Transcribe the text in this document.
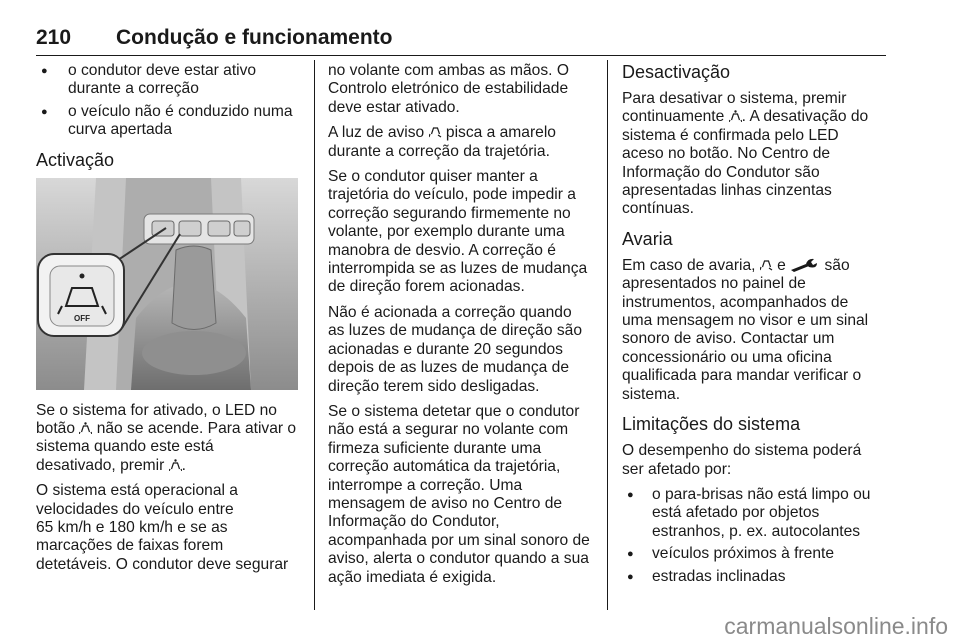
210 Condução e funcionamento
● o condutor deve estar ativo
durante a correção
● o veículo não é conduzido numa
curva apertada
Activação
OFF

Se o sistema for ativado, o LED no
botão  não se acende. Para ativar o
sistema quando este está
desativado, premir .

O sistema está operacional a
velocidades do veículo entre
65 km/h e 180 km/h e se as
marcações de faixas forem
detetáveis. O condutor deve segurar

no volante com ambas as mãos. O
Controlo eletrónico de estabilidade
deve estar ativado.

A luz de aviso  pisca a amarelo
durante a correção da trajetória.

Se o condutor quiser manter a
trajetória do veículo, pode impedir a
correção segurando firmemente no
volante, por exemplo durante uma
manobra de desvio. A correção é
interrompida se as luzes de mudança
de direção forem acionadas.

Não é acionada a correção quando
as luzes de mudança de direção são
acionadas e durante 20 segundos
depois de as luzes de mudança de
direção terem sido desligadas.

Se o sistema detetar que o condutor
não está a segurar no volante com
firmeza suficiente durante uma
correção automática da trajetória,
interrompe a correção. Uma
mensagem de aviso no Centro de
Informação do Condutor,
acompanhada por um sinal sonoro de
aviso, alerta o condutor quando a sua
ação imediata é exigida.

Desactivação

Para desativar o sistema, premir
continuamente . A desativação do
sistema é confirmada pelo LED
aceso no botão. No Centro de
Informação do Condutor são
apresentadas linhas cinzentas
contínuas.

Avaria

Em caso de avaria,  e  são
apresentados no painel de
instrumentos, acompanhados de
uma mensagem no visor e um sinal
sonoro de aviso. Contactar um
concessionário ou uma oficina
qualificada para mandar verificar o
sistema.

Limitações do sistema

O desempenho do sistema poderá
ser afetado por:

● o para-brisas não está limpo ou
está afetado por objetos
estranhos, p. ex. autocolantes
● veículos próximos à frente
● estradas inclinadas
carmanualsonline.info
